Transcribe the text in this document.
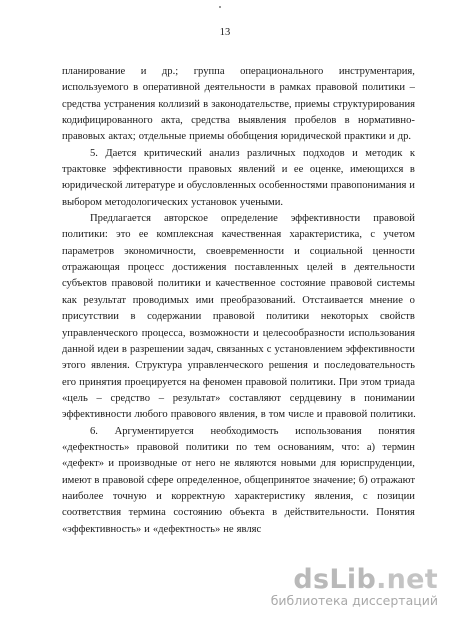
13
планирование и др.; группа операционального инструментария,
используемого в оперативной деятельности в рамках правовой политики –
средства устранения коллизий в законодательстве, приемы структурирования
кодифицированного акта, средства выявления пробелов в нормативно-
правовых актах; отдельные приемы обобщения юридической практики и др.
5. Дается критический анализ различных подходов и методик к
трактовке эффективности правовых явлений и ее оценке, имеющихся в
юридической литературе и обусловленных особенностями правопонимания и
выбором методологических установок учеными.
Предлагается авторское определение эффективности правовой
политики: это ее комплексная качественная характеристика, с учетом
параметров экономичности, своевременности и социальной ценности
отражающая процесс достижения поставленных целей в деятельности
субъектов правовой политики и качественное состояние правовой системы
как результат проводимых ими преобразований. Отстаивается мнение о
присутствии в содержании правовой политики некоторых свойств
управленческого процесса, возможности и целесообразности использования
данной идеи в разрешении задач, связанных с установлением эффективности
этого явления. Структура управленческого решения и последовательность
его принятия проецируется на феномен правовой политики. При этом триада
«цель – средство – результат» составляют сердцевину в понимании
эффективности любого правового явления, в том числе и правовой политики.
6. Аргументируется необходимость использования понятия
«дефектность» правовой политики по тем основаниям, что: а) термин
«дефект» и производные от него не являются новыми для юриспруденции,
имеют в правовой сфере определенное, общепринятое значение; б) отражают
наиболее точную и корректную характеристику явления, с позиции
соответствия термина состоянию объекта в действительности. Понятия
«эффективность» и «дефектность» не являс
dsLib.net
библиотека диссертаций
